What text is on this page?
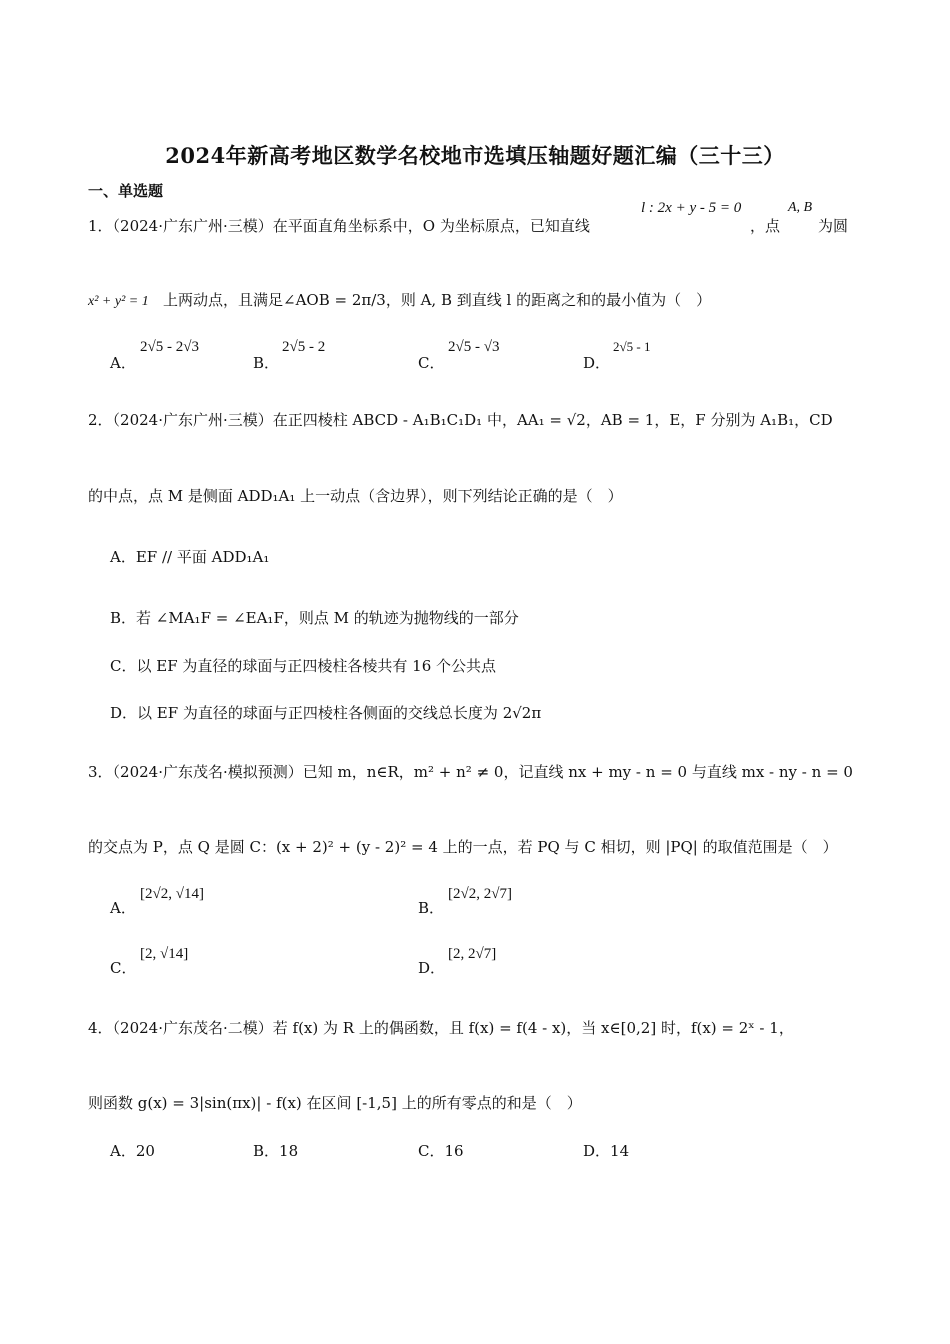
2024年新高考地区数学名校地市选填压轴题好题汇编（三十三）
一、单选题
1．（2024·广东广州·三模）在平面直角坐标系中，O 为坐标原点，已知直线
l : 2x + y - 5 = 0
，点
A, B
为圆
x² + y² = 1 上两动点，且满足∠AOB = 2π/3，则 A, B 到直线 l 的距离之和的最小值为（　）
A．
2√5 - 2√3
B．
2√5 - 2
C．
2√5 - √3
D．
2√5 - 1
2．（2024·广东广州·三模）在正四棱柱 ABCD - A₁B₁C₁D₁ 中，AA₁ = √2，AB = 1，E，F 分别为 A₁B₁，CD
的中点，点 M 是侧面 ADD₁A₁ 上一动点（含边界），则下列结论正确的是（　）
A．EF // 平面 ADD₁A₁
B．若 ∠MA₁F = ∠EA₁F，则点 M 的轨迹为抛物线的一部分
C．以 EF 为直径的球面与正四棱柱各棱共有 16 个公共点
D．以 EF 为直径的球面与正四棱柱各侧面的交线总长度为 2√2π
3．（2024·广东茂名·模拟预测）已知 m，n∈R，m² + n² ≠ 0，记直线 nx + my - n = 0 与直线 mx - ny - n = 0
的交点为 P，点 Q 是圆 C：(x + 2)² + (y - 2)² = 4 上的一点，若 PQ 与 C 相切，则 |PQ| 的取值范围是（　）
A．
[2√2, √14]
B．
[2√2, 2√7]
C．
[2, √14]
D．
[2, 2√7]
4．（2024·广东茂名·二模）若 f(x) 为 R 上的偶函数，且 f(x) = f(4 - x)，当 x∈[0,2] 时，f(x) = 2ˣ - 1，
则函数 g(x) = 3|sin(πx)| - f(x) 在区间 [-1,5] 上的所有零点的和是（　）
A．20	B．18	C．16	D．14
